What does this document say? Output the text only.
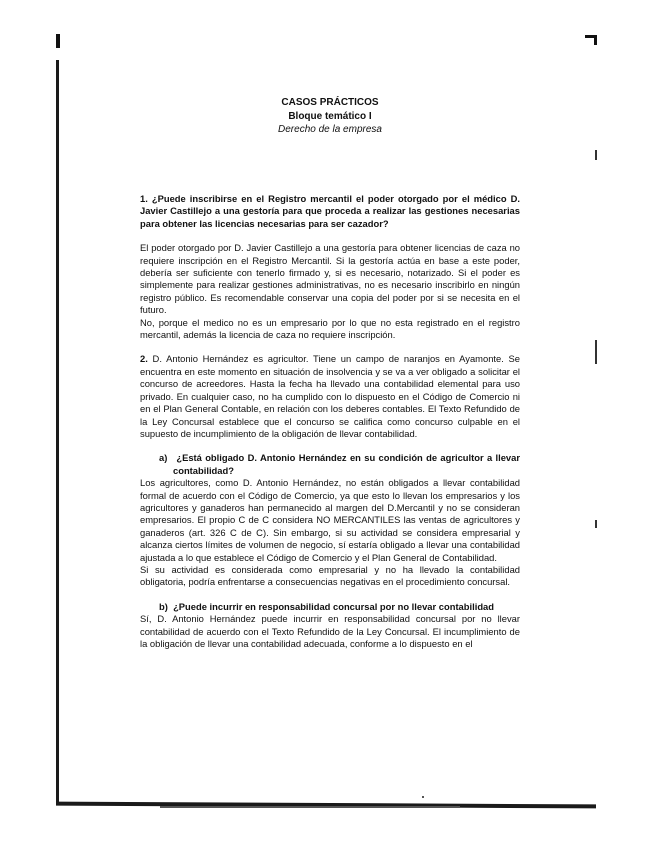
CASOS PRÁCTICOS
Bloque temático I
Derecho de la empresa

1. ¿Puede inscribirse en el Registro mercantil el poder otorgado por el médico D. Javier Castillejo a una gestoría para que proceda a realizar las gestiones necesarias para obtener las licencias necesarias para ser cazador?

El poder otorgado por D. Javier Castillejo a una gestoría para obtener licencias de caza no requiere inscripción en el Registro Mercantil. Si la gestoría actúa en base a este poder, debería ser suficiente con tenerlo firmado y, si es necesario, notarizado. Si el poder es simplemente para realizar gestiones administrativas, no es necesario inscribirlo en ningún registro público. Es recomendable conservar una copia del poder por si se necesita en el futuro.

No, porque el medico no es un empresario por lo que no esta registrado en el registro mercantil, además la licencia de caza no requiere inscripción.

2. D. Antonio Hernández es agricultor. Tiene un campo de naranjos en Ayamonte. Se encuentra en este momento en situación de insolvencia y se va a ver obligado a solicitar el concurso de acreedores. Hasta la fecha ha llevado una contabilidad elemental para uso privado. En cualquier caso, no ha cumplido con lo dispuesto en el Código de Comercio ni en el Plan General Contable, en relación con los deberes contables. El Texto Refundido de la Ley Concursal establece que el concurso se califica como concurso culpable en el supuesto de incumplimiento de la obligación de llevar contabilidad.

a) ¿Está obligado D. Antonio Hernández en su condición de agricultor a llevar contabilidad?

Los agricultores, como D. Antonio Hernández, no están obligados a llevar contabilidad formal de acuerdo con el Código de Comercio, ya que esto lo llevan los empresarios y los agricultores y ganaderos han permanecido al margen del D.Mercantil y no se consideran empresarios. El propio C de C considera NO MERCANTILES las ventas de agricultores y ganaderos (art. 326 C de C). Sin embargo, si su actividad se considera empresarial y alcanza ciertos límites de volumen de negocio, sí estaría obligado a llevar una contabilidad ajustada a lo que establece el Código de Comercio y el Plan General de Contabilidad.

Si su actividad es considerada como empresarial y no ha llevado la contabilidad obligatoria, podría enfrentarse a consecuencias negativas en el procedimiento concursal.

b) ¿Puede incurrir en responsabilidad concursal por no llevar contabilidad

Sí, D. Antonio Hernández puede incurrir en responsabilidad concursal por no llevar contabilidad de acuerdo con el Texto Refundido de la Ley Concursal. El incumplimiento de la obligación de llevar una contabilidad adecuada, conforme a lo dispuesto en el
